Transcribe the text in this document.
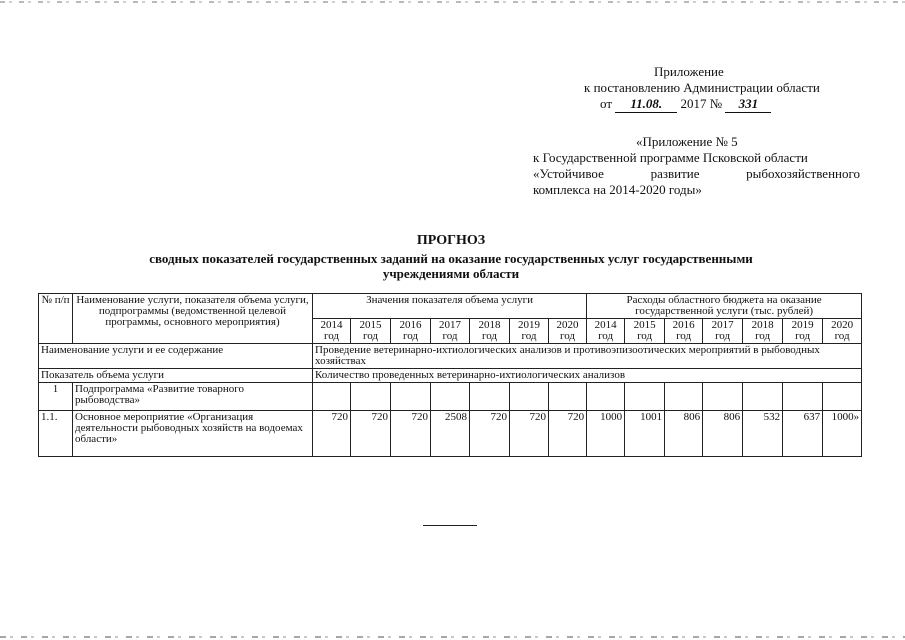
Приложение
к постановлению Администрации области
от 11.08. 2017 № 331
«Приложение № 5
к Государственной программе Псковской области
«Устойчивое развитие рыбохозяйственного
комплекса на 2014-2020 годы»
ПРОГНОЗ
сводных показателей государственных заданий на оказание государственных услуг государственными
учреждениями области
№ п/п	Наименование услуги, показателя объема услуги, подпрограммы (ведомственной целевой программы, основного мероприятия)	Значения показателя объема услуги							Расходы областного бюджета на оказание государственной услуги (тыс. рублей)						
		2014 год	2015 год	2016 год	2017 год	2018 год	2019 год	2020 год	2014 год	2015 год	2016 год	2017 год	2018 год	2019 год	2020 год
Наименование услуги и ее содержание		Проведение ветеринарно-ихтиологических анализов и противоэпизоотических мероприятий в рыбоводных хозяйствах													
Показатель объема услуги		Количество проведенных ветеринарно-ихтиологических анализов													
1	Подпрограмма «Развитие товарного рыбоводства»														
1.1.	Основное мероприятие «Организация деятельности рыбоводных хозяйств на водоемах области»	720	720	720	2508	720	720	720	1000	1001	806	806	532	637	1000»
